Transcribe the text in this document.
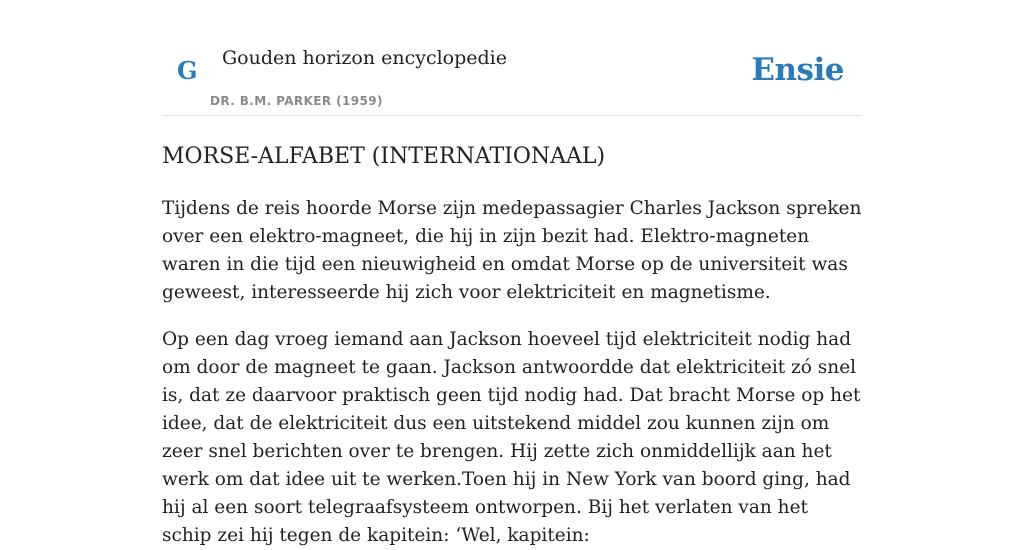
G Gouden horizon encyclopedie
DR. B.M. PARKER (1959)
Ensie
MORSE-ALFABET (INTERNATIONAAL)

Tijdens de reis hoorde Morse zijn medepassagier Charles Jackson spreken over een elektro-magneet, die hij in zijn bezit had. Elektro-magneten waren in die tijd een nieuwigheid en omdat Morse op de universiteit was geweest, interesseerde hij zich voor elektriciteit en magnetisme.

Op een dag vroeg iemand aan Jackson hoeveel tijd elektriciteit nodig had om door de magneet te gaan. Jackson antwoordde dat elektriciteit zó snel is, dat ze daarvoor praktisch geen tijd nodig had. Dat bracht Morse op het idee, dat de elektriciteit dus een uitstekend middel zou kunnen zijn om zeer snel berichten over te brengen. Hij zette zich onmiddellijk aan het werk om dat idee uit te werken.Toen hij in New York van boord ging, had hij al een soort telegraafsysteem ontworpen. Bij het verlaten van het schip zei hij tegen de kapitein: ‘Wel, kapitein:
